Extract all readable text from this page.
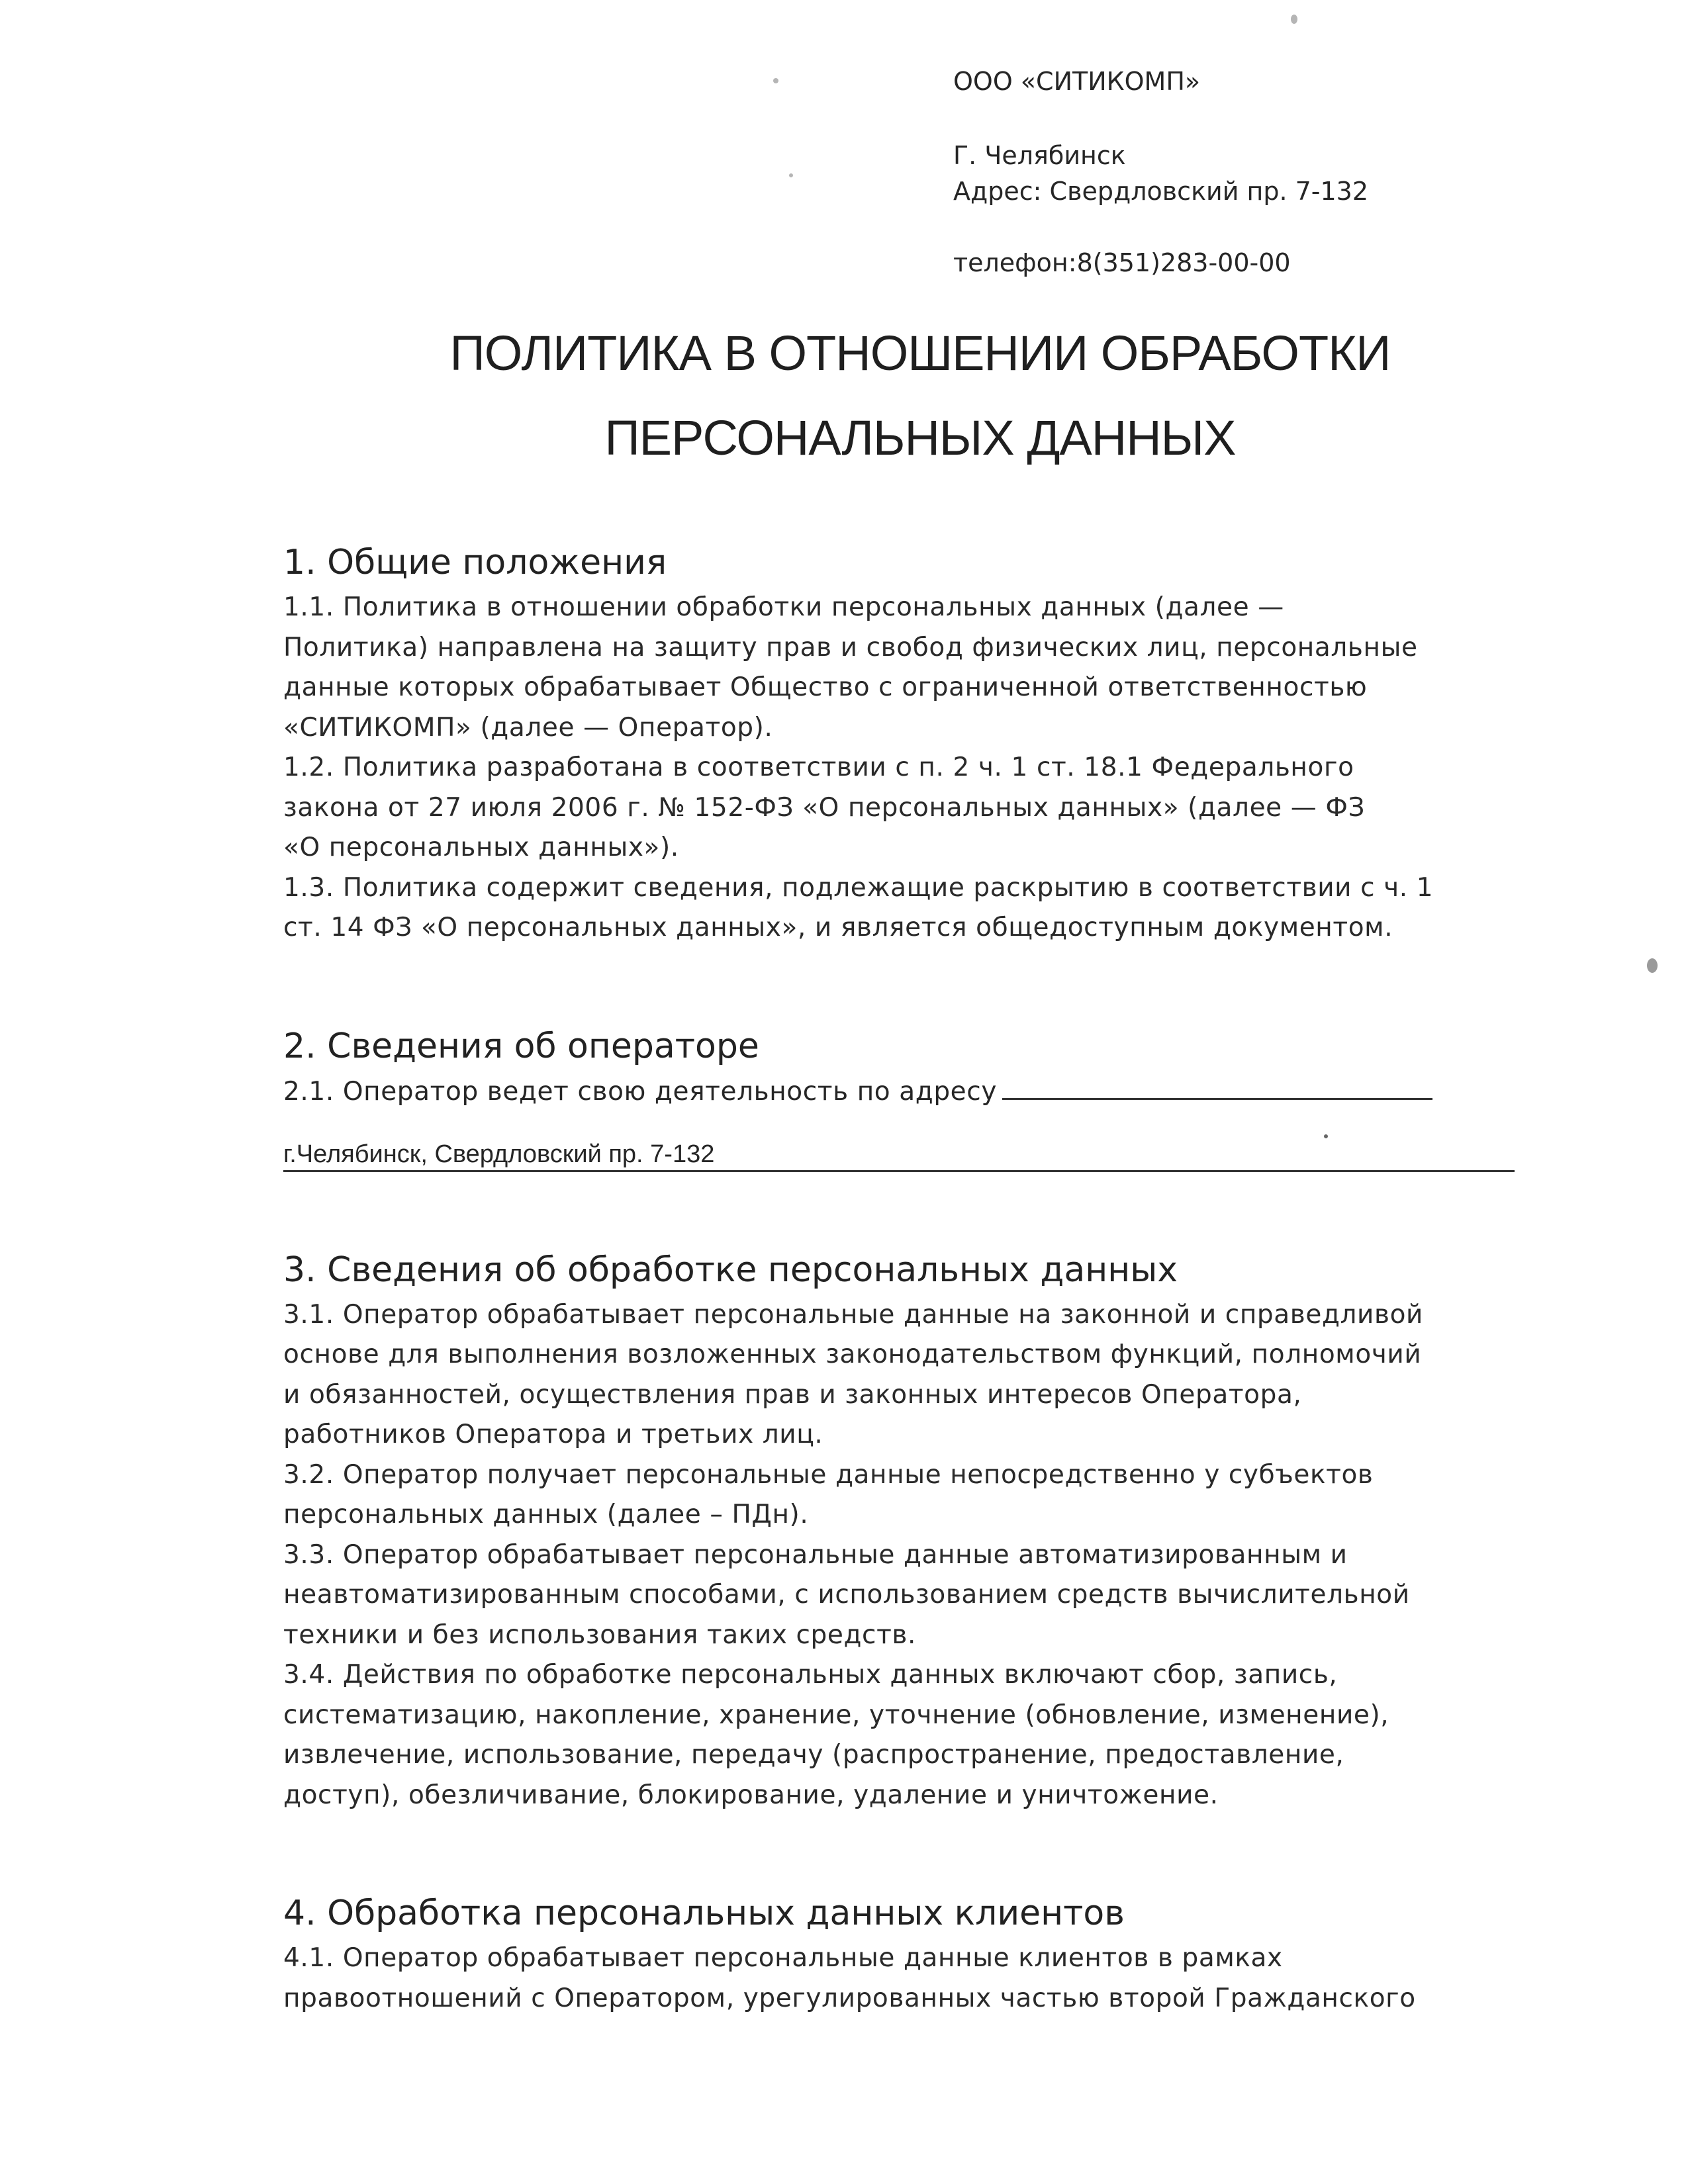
ООО «СИТИКОМП»
Г. Челябинск
Адрес: Свердловский пр. 7-132
телефон:8(351)283-00-00
ПОЛИТИКА В ОТНОШЕНИИ ОБРАБОТКИ
ПЕРСОНАЛЬНЫХ ДАННЫХ
1. Общие положения
1.1. Политика в отношении обработки персональных данных (далее —
Политика) направлена на защиту прав и свобод физических лиц, персональные
данные которых обрабатывает Общество с ограниченной ответственностью
«СИТИКОМП» (далее — Оператор).
1.2. Политика разработана в соответствии с п. 2 ч. 1 ст. 18.1 Федерального
закона от 27 июля 2006 г. № 152-ФЗ «О персональных данных» (далее — ФЗ
«О персональных данных»).
1.3. Политика содержит сведения, подлежащие раскрытию в соответствии с ч. 1
ст. 14 ФЗ «О персональных данных», и является общедоступным документом.
2. Сведения об операторе
2.1. Оператор ведет свою деятельность по адресу
г.Челябинск, Свердловский пр. 7-132
3. Сведения об обработке персональных данных
3.1. Оператор обрабатывает персональные данные на законной и справедливой
основе для выполнения возложенных законодательством функций, полномочий
и обязанностей, осуществления прав и законных интересов Оператора,
работников Оператора и третьих лиц.
3.2. Оператор получает персональные данные непосредственно у субъектов
персональных данных (далее – ПДн).
3.3. Оператор обрабатывает персональные данные автоматизированным и
неавтоматизированным способами, с использованием средств вычислительной
техники и без использования таких средств.
3.4. Действия по обработке персональных данных включают сбор, запись,
систематизацию, накопление, хранение, уточнение (обновление, изменение),
извлечение, использование, передачу (распространение, предоставление,
доступ), обезличивание, блокирование, удаление и уничтожение.
4. Обработка персональных данных клиентов
4.1. Оператор обрабатывает персональные данные клиентов в рамках
правоотношений с Оператором, урегулированных частью второй Гражданского
